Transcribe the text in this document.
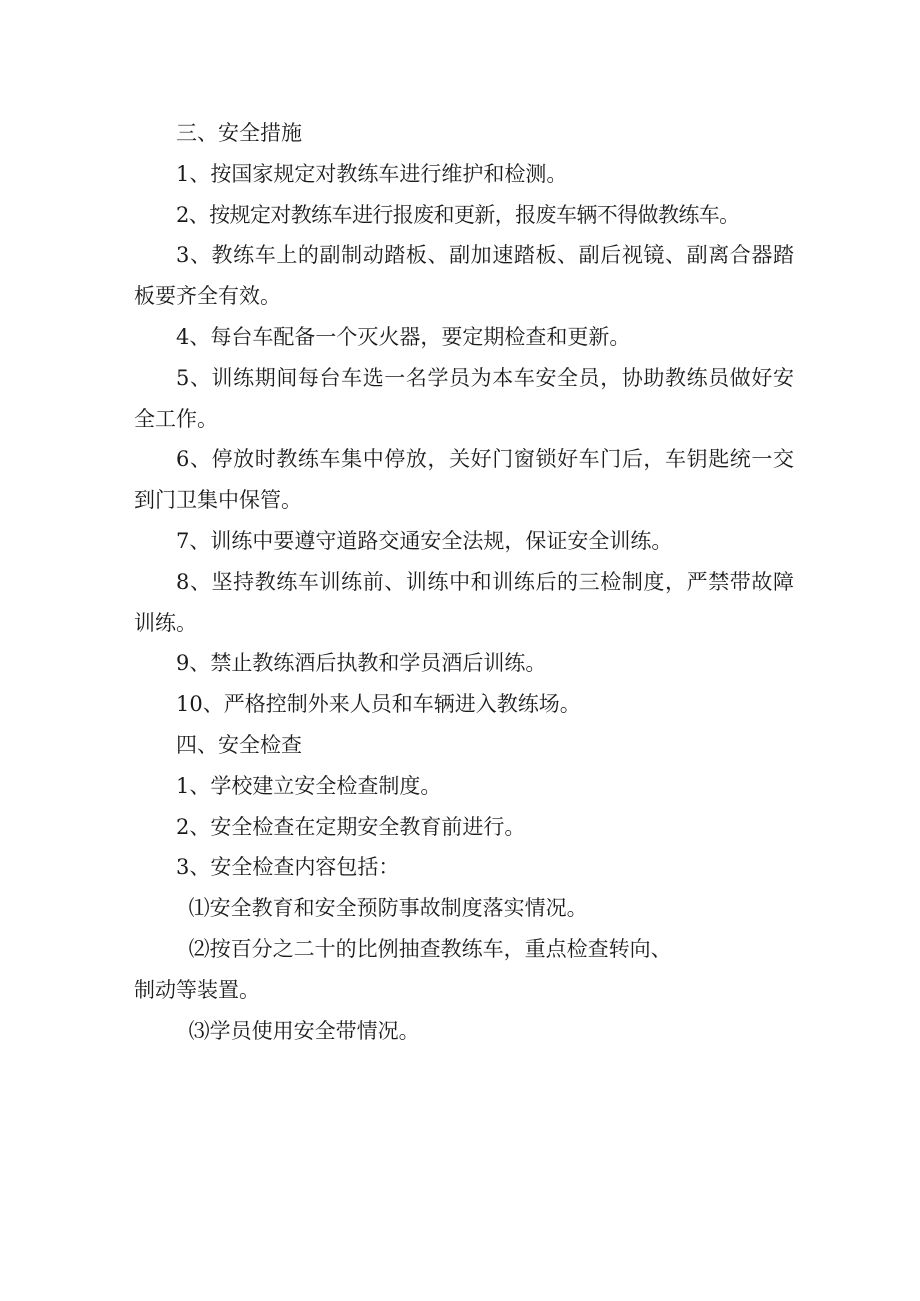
三、安全措施

1、按国家规定对教练车进行维护和检测。

2、按规定对教练车进行报废和更新，报废车辆不得做教练车。

3、教练车上的副制动踏板、副加速踏板、副后视镜、副离合器踏板要齐全有效。

4、每台车配备一个灭火器，要定期检查和更新。

5、训练期间每台车选一名学员为本车安全员，协助教练员做好安全工作。

6、停放时教练车集中停放，关好门窗锁好车门后，车钥匙统一交到门卫集中保管。

7、训练中要遵守道路交通安全法规，保证安全训练。

8、坚持教练车训练前、训练中和训练后的三检制度，严禁带故障训练。

9、禁止教练酒后执教和学员酒后训练。

10、严格控制外来人员和车辆进入教练场。

四、安全检查

1、学校建立安全检查制度。

2、安全检查在定期安全教育前进行。

3、安全检查内容包括：

⑴安全教育和安全预防事故制度落实情况。

⑵按百分之二十的比例抽查教练车，重点检查转向、

制动等装置。

⑶学员使用安全带情况。
